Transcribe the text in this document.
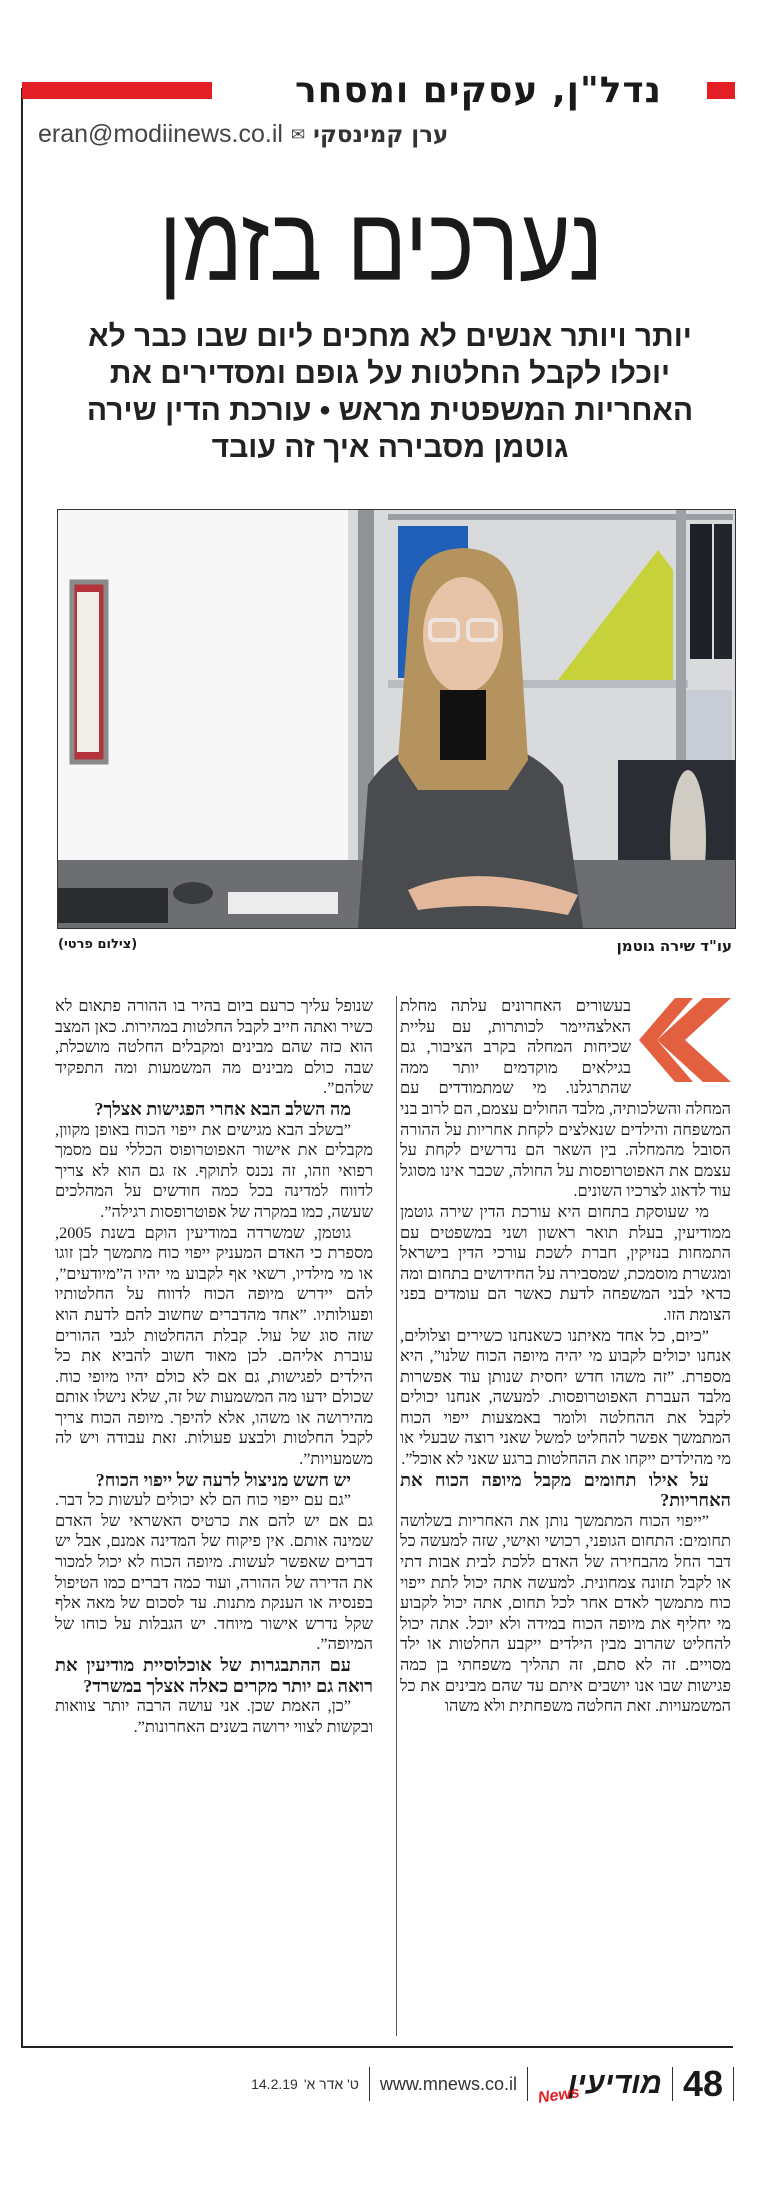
נדל"ן, עסקים ומסחר
ערן קמינסקי
✉
eran@modiinews.co.il
נערכים בזמן
יותר ויותר אנשים לא מחכים ליום שבו כבר לא יוכלו לקבל החלטות על גופם ומסדירים את האחריות המשפטית מראש • עורכת הדין שירה גוטמן מסבירה איך זה עובד
עו"ד שירה גוטמן
(צילום פרטי)

בעשורים האחרונים עלתה מחלת האלצהיימר לכותרות, עם עליית שכיחות המחלה בקרב הציבור, גם בגילאים מוקדמים יותר ממה שהתרגלנו. מי שמתמודדים עם המחלה והשלכותיה, מלבד החולים עצמם, הם לרוב בני המשפחה והילדים שנאלצים לקחת אחריות על ההורה הסובל מהמחלה. בין השאר הם נדרשים לקחת על עצמם את האפוטרופסות על החולה, שכבר אינו מסוגל עוד לדאוג לצרכיו השונים.

מי שעוסקת בתחום היא עורכת הדין שירה גוטמן ממודיעין, בעלת תואר ראשון ושני במשפטים עם התמחות בנזיקין, חברת לשכת עורכי הדין בישראל ומגשרת מוסמכת, שמסבירה על החידושים בתחום ומה כדאי לבני המשפחה לדעת כאשר הם עומדים בפני הצומת הזו.

”כיום, כל אחד מאיתנו כשאנחנו כשירים וצלולים, אנחנו יכולים לקבוע מי יהיה מיופה הכוח שלנו”, היא מספרת. ”זה משהו חדש יחסית שנותן עוד אפשרות מלבד העברת האפוטרופסות. למעשה, אנחנו יכולים לקבל את ההחלטה ולומר באמצעות ייפוי הכוח המתמשך אפשר להחליט למשל שאני רוצה שבעלי או מי מהילדים ייקחו את ההחלטות ברגע שאני לא אוכל”.

על אילו תחומים מקבל מיופה הכוח את האחריות?

”ייפוי הכוח המתמשך נותן את האחריות בשלושה תחומים: התחום הגופני, רכושי ואישי, שזה למעשה כל דבר החל מהבחירה של האדם ללכת לבית אבות דתי או לקבל תזונה צמחונית. למעשה אתה יכול לתת ייפוי כוח מתמשך לאדם אחר לכל תחום, אתה יכול לקבוע מי יחליף את מיופה הכוח במידה ולא יוכל. אתה יכול להחליט שהרוב מבין הילדים ייקבע החלטות או ילד מסויים. זה לא סתם, זה תהליך משפחתי בן כמה פגישות שבו אנו יושבים איתם עד שהם מבינים את כל המשמעויות. זאת החלטה משפחתית ולא משהו

שנופל עליך כרעם ביום בהיר בו ההורה פתאום לא כשיר ואתה חייב לקבל החלטות במהירות. כאן המצב הוא כזה שהם מבינים ומקבלים החלטה מושכלת, שבה כולם מבינים מה המשמעות ומה התפקיד שלהם”.

מה השלב הבא אחרי הפגישות אצלך?

”בשלב הבא מגישים את ייפוי הכוח באופן מקוון, מקבלים את אישור האפוטרופוס הכללי עם מסמך רפואי וזהו, זה נכנס לתוקף. אז גם הוא לא צריך לדווח למדינה בכל כמה חודשים על המהלכים שעשה, כמו במקרה של אפוטרופסות רגילה”.

גוטמן, שמשרדה במודיעין הוקם בשנת 2005, מספרת כי האדם המעניק ייפוי כוח מתמשך לבן זוגו או מי מילדיו, רשאי אף לקבוע מי יהיו ה”מיודעים”, להם יידרש מיופה הכוח לדווח על החלטותיו ופעולותיו. ”אחד מהדברים שחשוב להם לדעת הוא שזה סוג של עול. קבלת ההחלטות לגבי ההורים עוברת אליהם. לכן מאוד חשוב להביא את כל הילדים לפגישות, גם אם לא כולם יהיו מיופי כוח. שכולם ידעו מה המשמעות של זה, שלא נישלו אותם מהירושה או משהו, אלא להיפך. מיופה הכוח צריך לקבל החלטות ולבצע פעולות. זאת עבודה ויש לה משמעויות”.

יש חשש מניצול לרעה של ייפוי הכוח?

”גם עם ייפוי כוח הם לא יכולים לעשות כל דבר. גם אם יש להם את כרטיס האשראי של האדם שמינה אותם. אין פיקוח של המדינה אמנם, אבל יש דברים שאפשר לעשות. מיופה הכוח לא יכול למכור את הדירה של ההורה, ועוד כמה דברים כמו הטיפול בפנסיה או הענקת מתנות. עד לסכום של מאה אלף שקל נדרש אישור מיוחד. יש הגבלות על כוחו של המיופה”.

עם ההתבגרות של אוכלוסיית מודיעין את רואה גם יותר מקרים כאלה אצלך במשרד?

”כן, האמת שכן. אני עושה הרבה יותר צוואות ובקשות לצווי ירושה בשנים האחרונות”.

48
מודיעין
News
www.mnews.co.il
ט' אדר א'
14.2.19
